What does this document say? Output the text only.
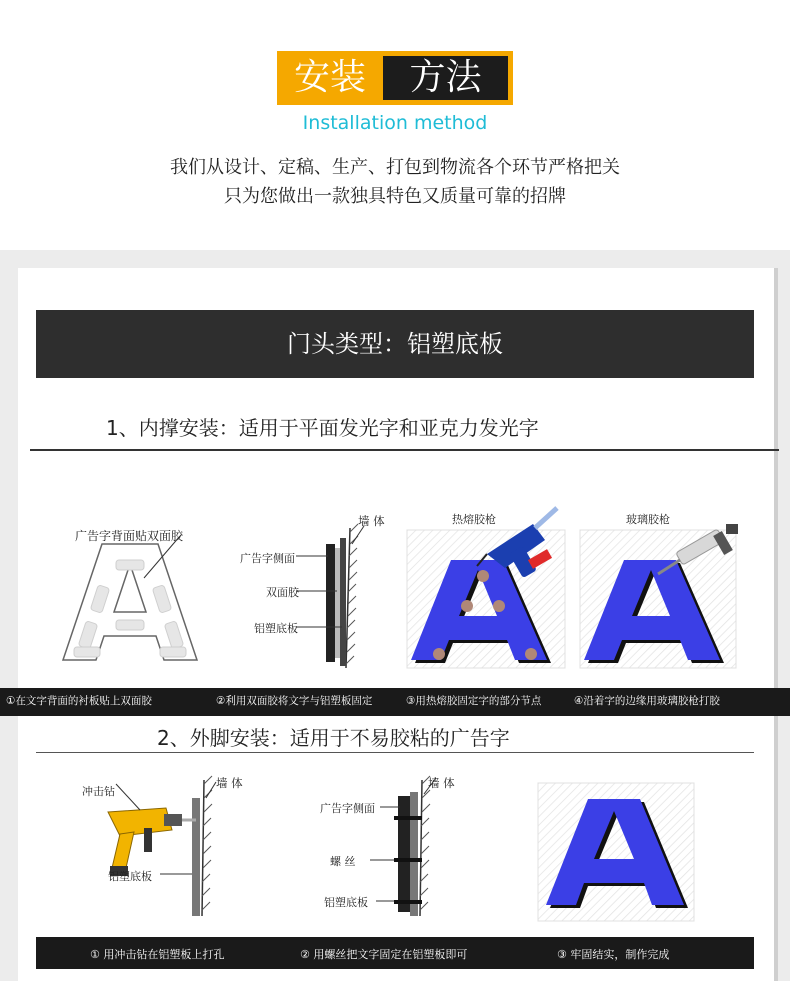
安装	方法
Installation method
我们从设计、定稿、生产、打包到物流各个环节严格把关
只为您做出一款独具特色又质量可靠的招牌
门头类型：铝塑底板
1、内撑安装：适用于平面发光字和亚克力发光字
广告字背面贴双面胶
墙 体
广告字侧面
双面胶
铝塑底板
热熔胶枪	玻璃胶枪
①在文字背面的衬板贴上双面胶	②利用双面胶将文字与铝塑板固定	③用热熔胶固定字的部分节点	④沿着字的边缘用玻璃胶枪打胶
2、外脚安装：适用于不易胶粘的广告字
冲击钻
墙 体
铝塑底板
墙 体
广告字侧面
螺 丝
铝塑底板
① 用冲击钻在铝塑板上打孔	② 用螺丝把文字固定在铝塑板即可	③ 牢固结实，制作完成
